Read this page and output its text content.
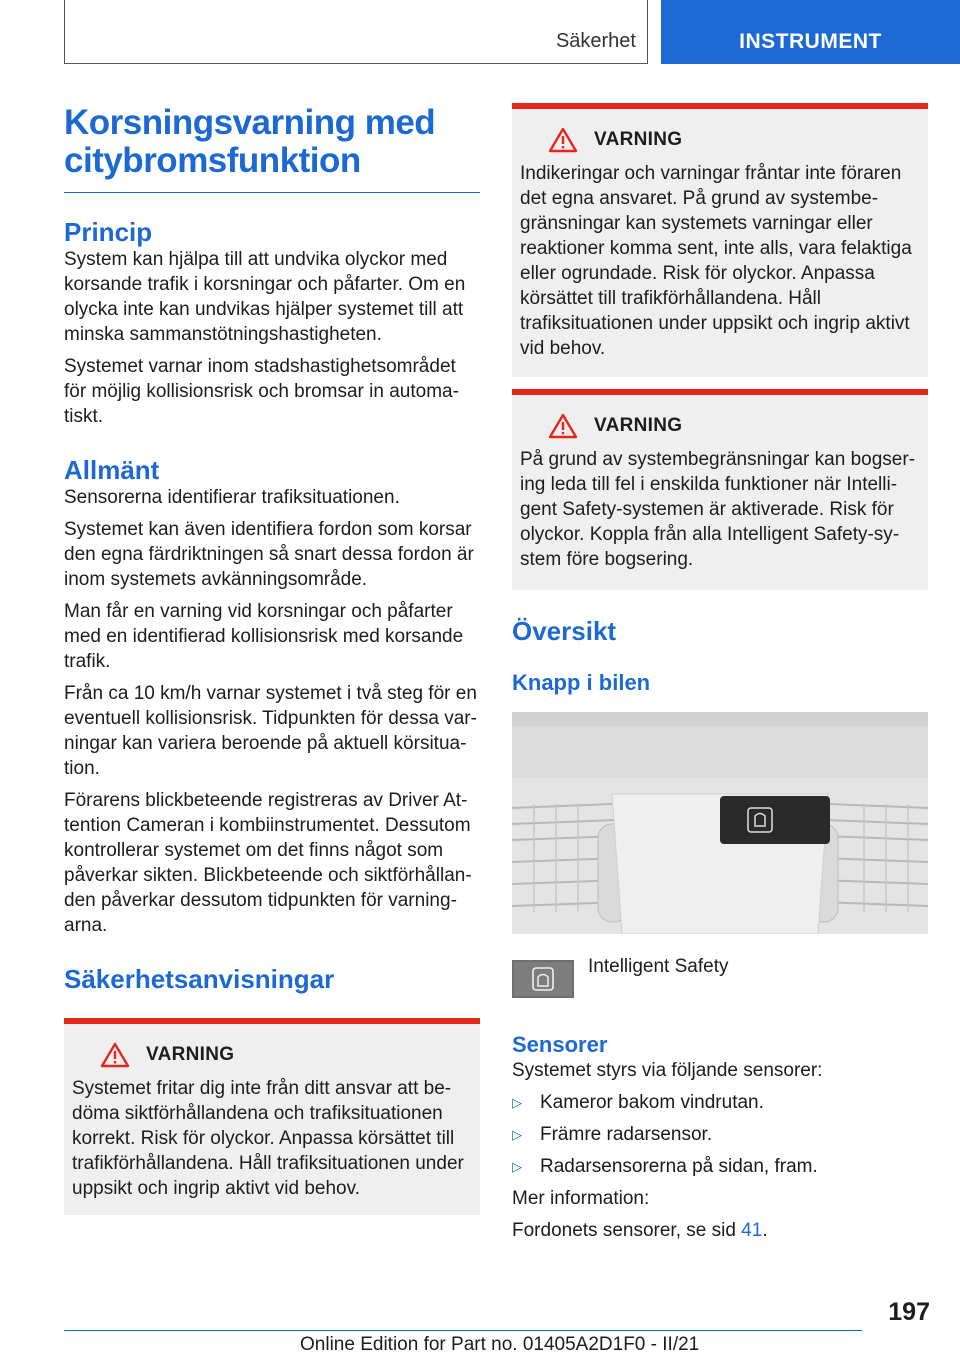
Säkerhet	INSTRUMENT
Korsningsvarning med
citybromsfunktion
Princip

System kan hjälpa till att undvika olyckor med korsande trafik i korsningar och påfarter. Om en olycka inte kan undvikas hjälper systemet till att minska sammanstötningshastigheten.

Systemet varnar inom stadshastighetsområdet för möjlig kollisionsrisk och bromsar in automatiskt.

Allmänt

Sensorerna identifierar trafiksituationen.

Systemet kan även identifiera fordon som korsar den egna färdriktningen så snart dessa fordon är inom systemets avkänningsområde.

Man får en varning vid korsningar och påfarter med en identifierad kollisionsrisk med korsande trafik.

Från ca 10 km/h varnar systemet i två steg för en eventuell kollisionsrisk. Tidpunkten för dessa varningar kan variera beroende på aktuell körsituation.

Förarens blickbeteende registreras av Driver Attention Cameran i kombiinstrumentet. Dessutom kontrollerar systemet om det finns något som påverkar sikten. Blickbeteende och siktförhållanden påverkar dessutom tidpunkten för varningarna.

Säkerhetsanvisningar
VARNING

Systemet fritar dig inte från ditt ansvar att bedöma siktförhållandena och trafiksituationen korrekt. Risk för olyckor. Anpassa körsättet till trafikförhållandena. Håll trafiksituationen under uppsikt och ingrip aktivt vid behov.

VARNING

Indikeringar och varningar fråntar inte föraren det egna ansvaret. På grund av systembegränsningar kan systemets varningar eller reaktioner komma sent, inte alls, vara felaktiga eller ogrundade. Risk för olyckor. Anpassa körsättet till trafikförhållandena. Håll trafiksituationen under uppsikt och ingrip aktivt vid behov.

VARNING

På grund av systembegränsningar kan bogsering leda till fel i enskilda funktioner när Intelligent Safety-systemen är aktiverade. Risk för olyckor. Koppla från alla Intelligent Safety-system före bogsering.

Översikt
Knapp i bilen

Intelligent Safety

Sensorer

Systemet styrs via följande sensorer:

▷ Kameror bakom vindrutan.
▷ Främre radarsensor.
▷ Radarsensorerna på sidan, fram.

Mer information:

Fordonets sensorer, se sid 41.

197
Online Edition for Part no. 01405A2D1F0 - II/21
